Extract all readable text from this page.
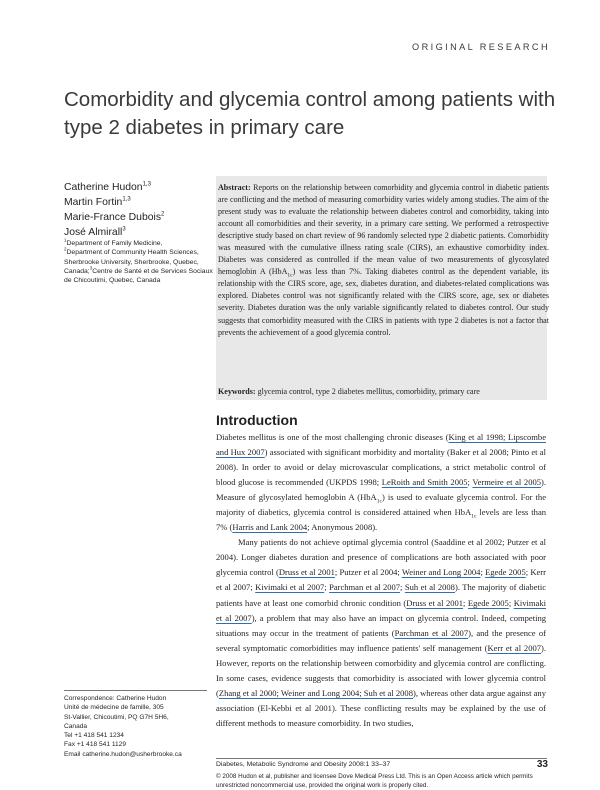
ORIGINAL RESEARCH
Comorbidity and glycemia control among patients with type 2 diabetes in primary care
Catherine Hudon$^{1,3}$
Martin Fortin$^{1,3}$
Marie-France Dubois$^2$
José Almirall$^3$
$^1$Department of Family Medicine,
$^2$Department of Community Health Sciences, Sherbrooke University, Sherbrooke, Quebec, Canada;$^3$Centre de Santé et de Services Sociaux de Chicoutimi, Quebec, Canada
Abstract: Reports on the relationship between comorbidity and glycemia control in diabetic patients are conflicting and the method of measuring comorbidity varies widely among studies. The aim of the present study was to evaluate the relationship between diabetes control and comorbidity, taking into account all comorbidities and their severity, in a primary care setting. We performed a retrospective descriptive study based on chart review of 96 randomly selected type 2 diabetic patients. Comorbidity was measured with the cumulative illness rating scale (CIRS), an exhaustive comorbidity index. Diabetes was considered as controlled if the mean value of two measurements of glycosylated hemoglobin A (HbA$_{1c}$) was less than 7%. Taking diabetes control as the dependent variable, its relationship with the CIRS score, age, sex, diabetes duration, and diabetes-related complications was explored. Diabetes control was not significantly related with the CIRS score, age, sex or diabetes severity. Diabetes duration was the only variable significantly related to diabetes control. Our study suggests that comorbidity measured with the CIRS in patients with type 2 diabetes is not a factor that prevents the achievement of a good glycemia control.
Keywords: glycemia control, type 2 diabetes mellitus, comorbidity, primary care
Introduction

Diabetes mellitus is one of the most challenging chronic diseases (King et al 1998; Lipscombe and Hux 2007) associated with significant morbidity and mortality (Baker et al 2008; Pinto et al 2008). In order to avoid or delay microvascular complications, a strict metabolic control of blood glucose is recommended (UKPDS 1998; LeRoith and Smith 2005; Vermeire et al 2005). Measure of glycosylated hemoglobin A (HbA$_{1c}$) is used to evaluate glycemia control. For the majority of diabetics, glycemia control is considered attained when HbA$_{1c}$ levels are less than 7% (Harris and Lank 2004; Anonymous 2008).

Many patients do not achieve optimal glycemia control (Saaddine et al 2002; Putzer et al 2004). Longer diabetes duration and presence of complications are both associated with poor glycemia control (Druss et al 2001; Putzer et al 2004; Weiner and Long 2004; Egede 2005; Kerr et al 2007; Kivimaki et al 2007; Parchman et al 2007; Suh et al 2008). The majority of diabetic patients have at least one comorbid chronic condition (Druss et al 2001; Egede 2005; Kivimaki et al 2007), a problem that may also have an impact on glycemia control. Indeed, competing situations may occur in the treatment of patients (Parchman et al 2007), and the presence of several symptomatic comorbidities may influence patients' self management (Kerr et al 2007). However, reports on the relationship between comorbidity and glycemia control are conflicting. In some cases, evidence suggests that comorbidity is associated with lower glycemia control (Zhang et al 2000; Weiner and Long 2004; Suh et al 2008), whereas other data argue against any association (El-Kebbi et al 2001). These conflicting results may be explained by the use of different methods to measure comorbidity. In two studies,

Correspondence: Catherine Hudon
Unité de médecine de famille, 305
St-Vallier, Chicoutimi, PQ G7H 5H6,
Canada
Tel +1 418 541 1234
Fax +1 418 541 1129
Email catherine.hudon@usherbrooke.ca
Diabetes, Metabolic Syndrome and Obesity 2008:1 33–37	33
© 2008 Hudon et al, publisher and licensee Dove Medical Press Ltd. This is an Open Access article which permits unrestricted noncommercial use, provided the original work is properly cited.
